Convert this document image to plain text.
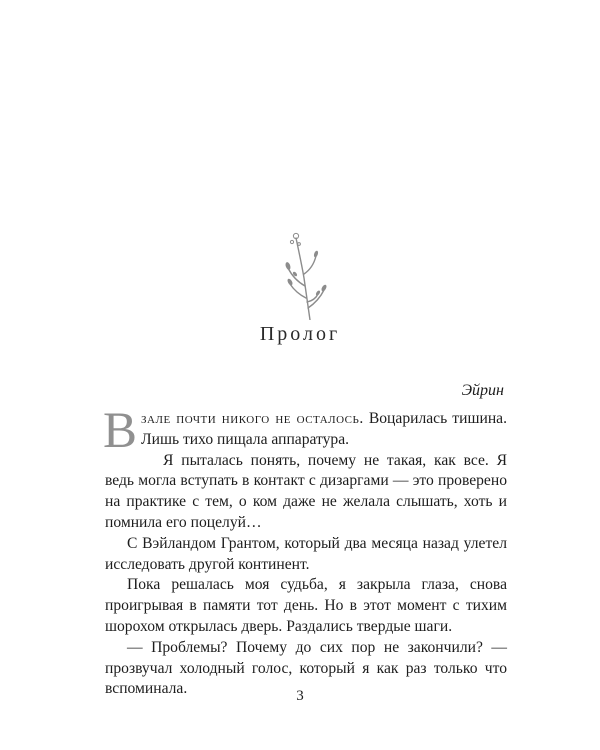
Пролог
Эйрин

Взале почти никого не осталось. Воцарилась тишина. Лишь тихо пищала аппаратура.

Я пыталась понять, почему не такая, как все. Я ведь могла вступать в контакт с дизаргами — это проверено на практике с тем, о ком даже не желала слышать, хоть и помнила его поцелуй…

С Вэйландом Грантом, который два месяца назад улетел исследовать другой континент.

Пока решалась моя судьба, я закрыла глаза, снова проигрывая в памяти тот день. Но в этот момент с тихим шорохом открылась дверь. Раздались твердые шаги.

— Проблемы? Почему до сих пор не закончили? — прозвучал холодный голос, который я как раз только что вспоминала.	3
